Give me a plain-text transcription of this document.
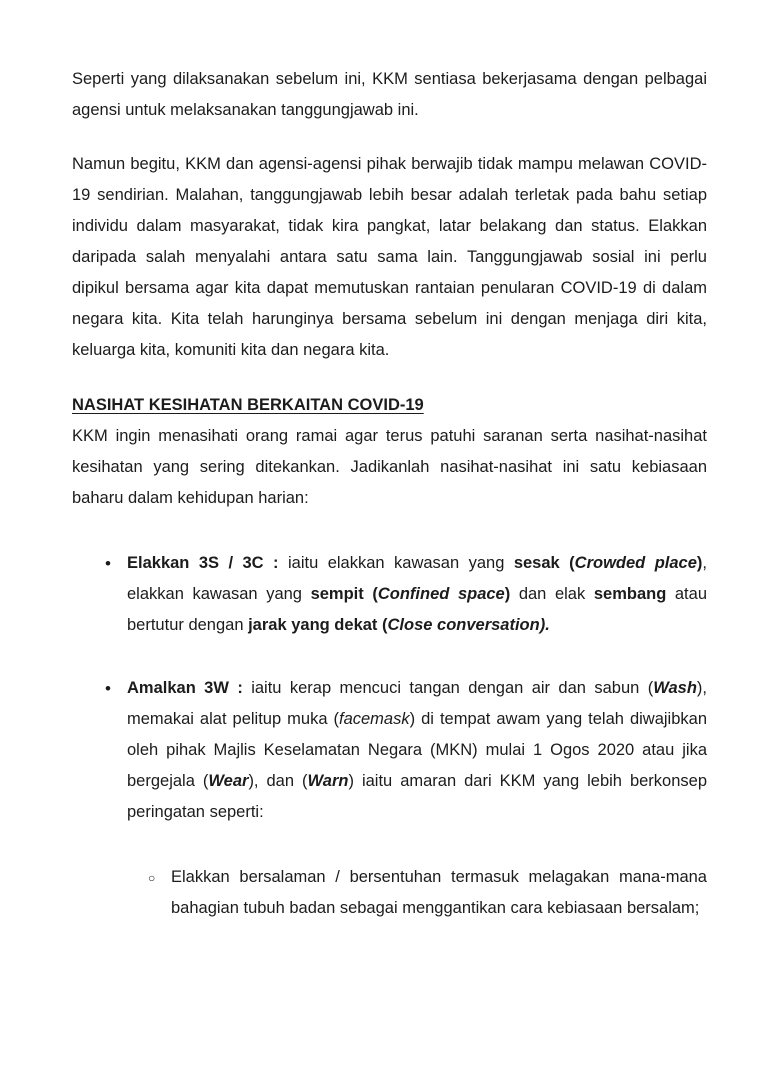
Seperti yang dilaksanakan sebelum ini, KKM sentiasa bekerjasama dengan pelbagai agensi untuk melaksanakan tanggungjawab ini.

Namun begitu, KKM dan agensi-agensi pihak berwajib tidak mampu melawan COVID-19 sendirian. Malahan, tanggungjawab lebih besar adalah terletak pada bahu setiap individu dalam masyarakat, tidak kira pangkat, latar belakang dan status. Elakkan daripada salah menyalahi antara satu sama lain. Tanggungjawab sosial ini perlu dipikul bersama agar kita dapat memutuskan rantaian penularan COVID-19 di dalam negara kita. Kita telah harunginya bersama sebelum ini dengan menjaga diri kita, keluarga kita, komuniti kita dan negara kita.

NASIHAT KESIHATAN BERKAITAN COVID-19

KKM ingin menasihati orang ramai agar terus patuhi saranan serta nasihat-nasihat kesihatan yang sering ditekankan. Jadikanlah nasihat-nasihat ini satu kebiasaan baharu dalam kehidupan harian:

• Elakkan 3S / 3C : iaitu elakkan kawasan yang sesak (Crowded place), elakkan kawasan yang sempit (Confined space) dan elak sembang atau bertutur dengan jarak yang dekat (Close conversation).
• Amalkan 3W : iaitu kerap mencuci tangan dengan air dan sabun (Wash), memakai alat pelitup muka (facemask) di tempat awam yang telah diwajibkan oleh pihak Majlis Keselamatan Negara (MKN) mulai 1 Ogos 2020 atau jika bergejala (Wear), dan (Warn) iaitu amaran dari KKM yang lebih berkonsep peringatan seperti:
○ Elakkan bersalaman / bersentuhan termasuk melagakan mana-mana bahagian tubuh badan sebagai menggantikan cara kebiasaan bersalam;
